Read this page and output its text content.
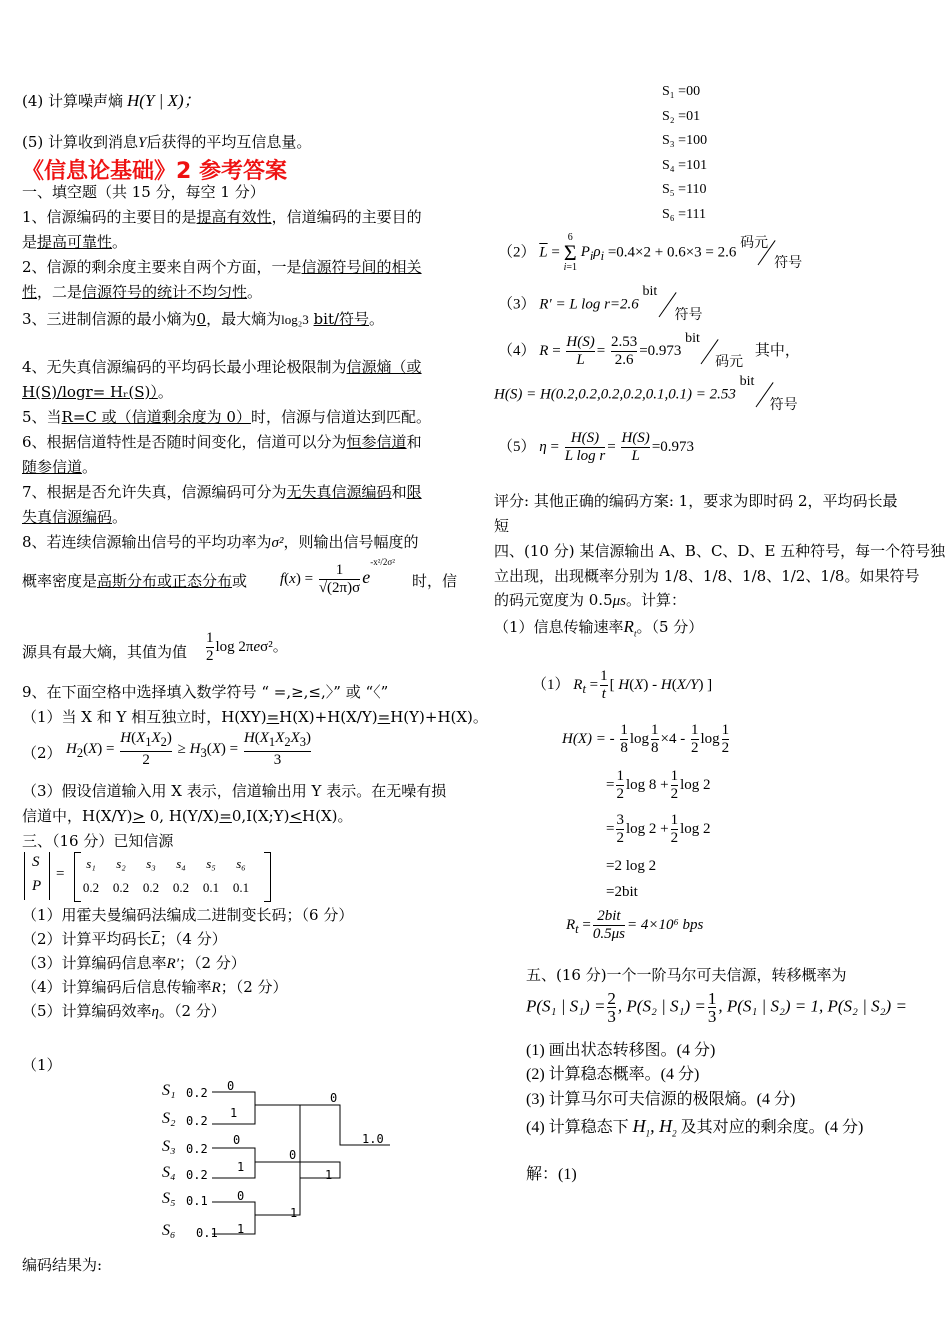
(4) 计算噪声熵 H(Y | X)；
(5) 计算收到消息Y后获得的平均互信息量。
《信息论基础》2 参考答案
一、填空题（共 15 分，每空 1 分）
1、信源编码的主要目的是提高有效性，信道编码的主要目的
是提高可靠性。
2、信源的剩余度主要来自两个方面，一是信源符号间的相关
性，二是信源符号的统计不均匀性。
3、三进制信源的最小熵为0，最大熵为log₂3 bit/符号。
4、无失真信源编码的平均码长最小理论极限制为信源熵（或
H(S)/logr= Hᵣ(S)）。
5、当R=C 或（信道剩余度为 0）时，信源与信道达到匹配。
6、根据信道特性是否随时间变化，信道可以分为恒参信道和
随参信道。
7、根据是否允许失真，信源编码可分为无失真信源编码和限
失真信源编码。
8、若连续信源输出信号的平均功率为σ²，则输出信号幅度的
概率密度是高斯分布或正态分布或 $f(x) = \frac{1}{√(2\pi)\sigma} e^{-x^2/2\sigma^2}$
时，信
源具有最大熵，其值为值 $\frac{1}{2}$ log 2πeσ²。
9、在下面空格中选择填入数学符号 “ =,≥,≤,〉” 或 “〈”
（1）当 X 和 Y 相互独立时，H(XY)=H(X)+H(X/Y)=H(Y)+H(X)。
（2） $H_2(X) = \frac{H(X_1X_2)}{2} \ge H_3(X) = \frac{H(X_1X_2X_3)}{3}$
（3）假设信道输入用 X 表示，信道输出用 Y 表示。在无噪有损
信道中，H(X/Y)> 0, H(Y/X)=0,I(X;Y)<H(X)。
三、（16 分）已知信源
S
P
=
s₁	s₂	s₃	s₄	s₅	s₆
0.2	0.2	0.2	0.2	0.1	0.1
（1）用霍夫曼编码法编成二进制变长码；（6 分）
（2）计算平均码长$\overline{L}$；（4 分）
（3）计算编码信息率R′；（2 分）
（4）计算编码后信息传输率R；（2 分）
（5）计算编码效率η。（2 分）
（1）
S₁ 0.2
S₂ 0.2
S₃ 0.2
S₄ 0.2
S₅ 0.1
S₆ 0.1
0
1
0
1
0
1
0
0
1
1
1.0
编码结果为:
S₁ =00
S₂ =01
S₃ =100
S₄ =101
S₅ =110
S₆ =111
（2） $\overline{L} = 6$
Σ
i=1 $P_i\rho_i =0.4\times 2 + 0.6\times 3 = 2.6$
码元
符号
（3） R′ = L log r=2.6
bit
符号
（4） $R = \frac{H(S)}{L} = \frac{2.53}{2.6} =0.973$
bit
码元
其中，
H(S) = H(0.2,0.2,0.2,0.2,0.1,0.1) = 2.53
bit
符号
（5） $\eta = \frac{H(S)}{\text{L log r}} = \frac{H(S)}{L} =0.973$
评分: 其他正确的编码方案: 1，要求为即时码 2，平均码长最
短
四、(10 分) 某信源输出 A、B、C、D、E 五种符号，每一个符号独
立出现，出现概率分别为 1/8、1/8、1/8、1/2、1/8。如果符号
的码元宽度为 0.5μs。计算：
（1）信息传输速率$R_t$。（5 分）
（1） $R_t = \frac{1}{t}$ [ H(X) - H(X/Y) ]
H(X) = - $\frac{1}{8}$ $\log \frac{1}{8} \times 4 - \frac{1}{2}$ $\log \frac{1}{2}$
= $\frac{1}{2}$ $\log 8 + \frac{1}{2}$ log 2
= $\frac{3}{2}$ $\log 2 + \frac{1}{2}$ log 2
=2 log 2
=2bit
$R_t = \frac{\text{2bit}}{0.5\mu s} = 4\times 10^6$ bps
五、(16 分)一个一阶马尔可夫信源，转移概率为
P(S₁ | $S_1) = \frac{2}{3}$ , P(S₂ | $S_1) = \frac{1}{3}$ , P(S₁ | S₂) = 1, P(S₂ | S₂) =
(1) 画出状态转移图。(4 分)
(2) 计算稳态概率。(4 分)
(3) 计算马尔可夫信源的极限熵。(4 分)
(4) 计算稳态下 $H_1$, $H_2$ 及其对应的剩余度。(4 分)
解：(1)
